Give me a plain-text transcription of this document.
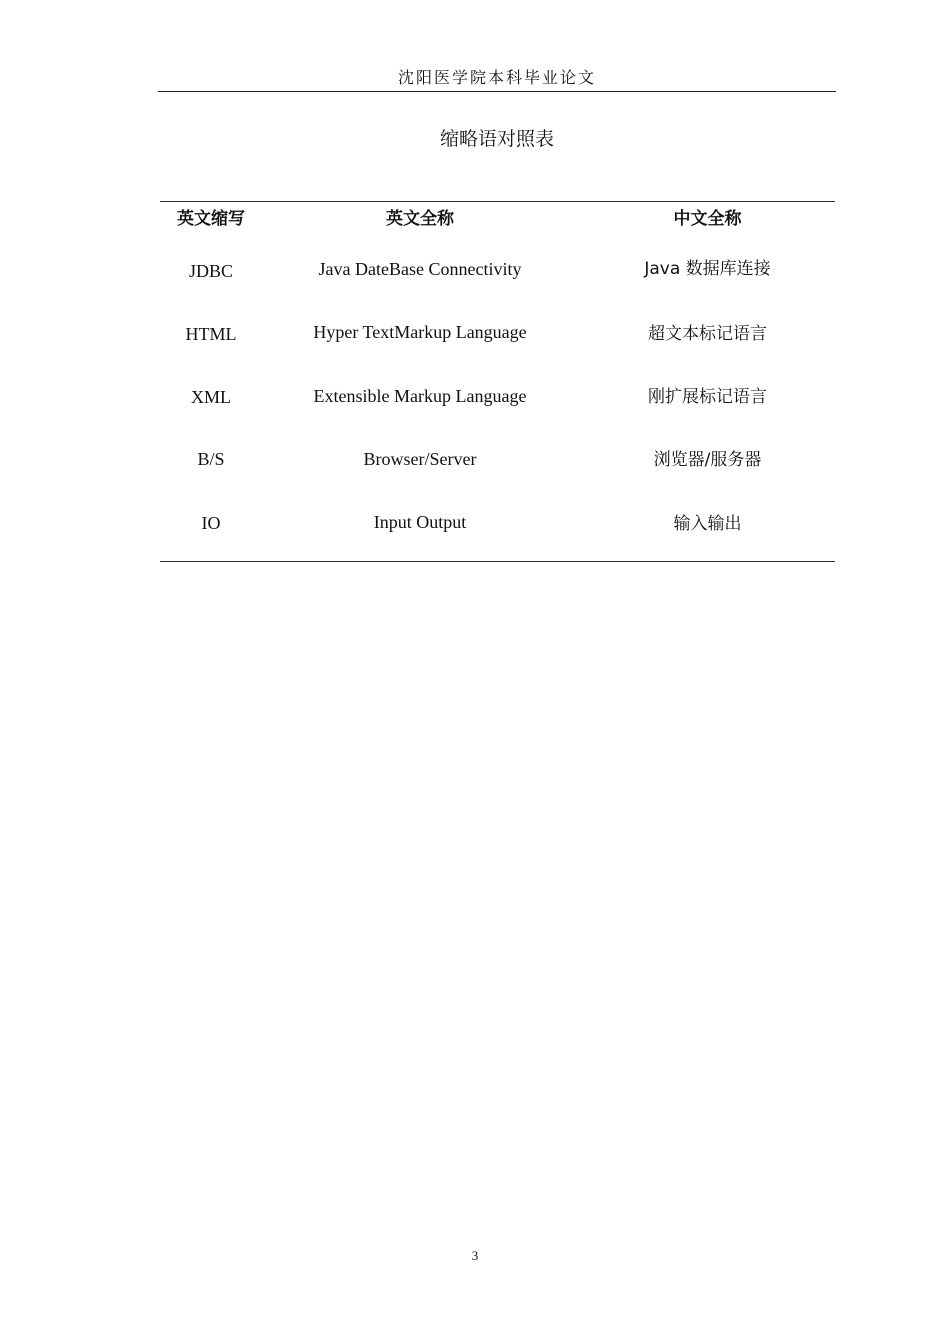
沈阳医学院本科毕业论文
缩略语对照表
英文缩写	英文全称	中文全称
JDBC	Java DateBase Connectivity	Java 数据库连接
HTML	Hyper TextMarkup Language	超文本标记语言
XML	Extensible Markup Language	刚扩展标记语言
B/S	Browser/Server	浏览器/服务器
IO	Input Output	输入输出
3
